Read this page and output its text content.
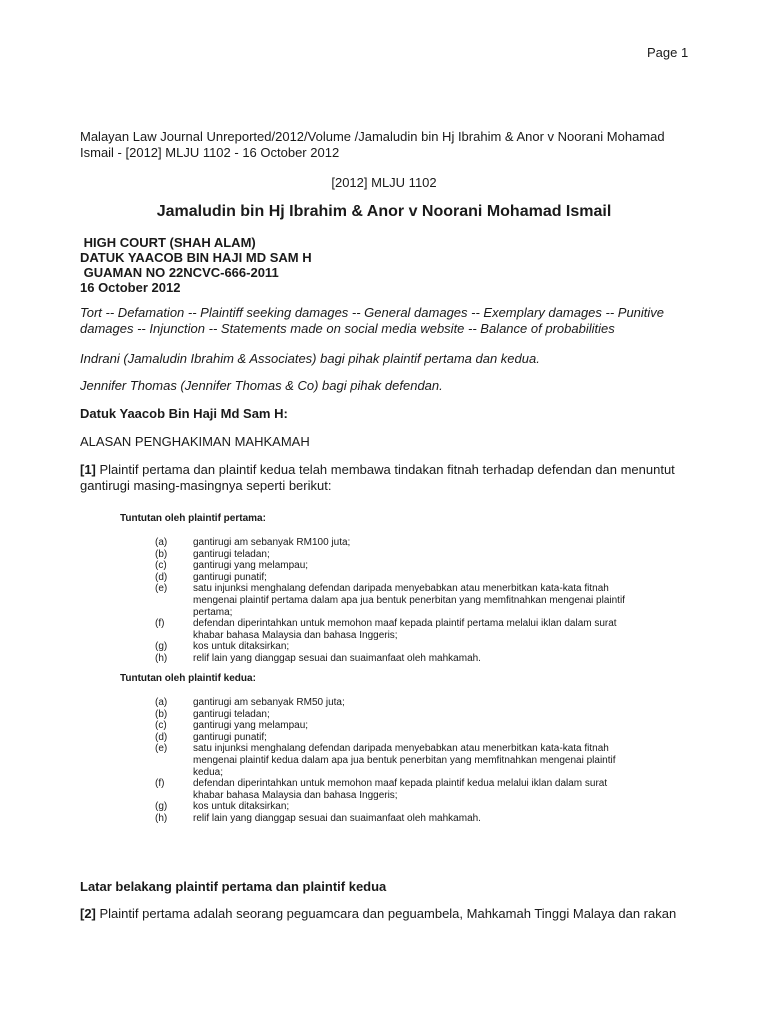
Page 1
Malayan Law Journal Unreported/2012/Volume /Jamaludin bin Hj Ibrahim & Anor v Noorani Mohamad Ismail - [2012] MLJU 1102 - 16 October 2012
[2012] MLJU 1102
Jamaludin bin Hj Ibrahim & Anor v Noorani Mohamad Ismail
HIGH COURT (SHAH ALAM)
DATUK YAACOB BIN HAJI MD SAM H
GUAMAN NO 22NCVC-666-2011
16 October 2012
Tort -- Defamation -- Plaintiff seeking damages -- General damages -- Exemplary damages -- Punitive damages -- Injunction -- Statements made on social media website -- Balance of probabilities
Indrani (Jamaludin Ibrahim & Associates) bagi pihak plaintif pertama dan kedua.
Jennifer Thomas (Jennifer Thomas & Co) bagi pihak defendan.
Datuk Yaacob Bin Haji Md Sam H:
ALASAN PENGHAKIMAN MAHKAMAH
[1] Plaintif pertama dan plaintif kedua telah membawa tindakan fitnah terhadap defendan dan menuntut gantirugi masing-masingnya seperti berikut:
Tuntutan oleh plaintif pertama:
(a)	gantirugi am sebanyak RM100 juta;
(b)	gantirugi teladan;
(c)	gantirugi yang melampau;
(d)	gantirugi punatif;
(e)	satu injunksi menghalang defendan daripada menyebabkan atau menerbitkan kata-kata fitnah mengenai plaintif pertama dalam apa jua bentuk penerbitan yang memfitnahkan mengenai plaintif pertama;
(f)	defendan diperintahkan untuk memohon maaf kepada plaintif pertama melalui iklan dalam surat khabar bahasa Malaysia dan bahasa Inggeris;
(g)	kos untuk ditaksirkan;
(h)	relif lain yang dianggap sesuai dan suaimanfaat oleh mahkamah.
Tuntutan oleh plaintif kedua:
(a)	gantirugi am sebanyak RM50 juta;
(b)	gantirugi teladan;
(c)	gantirugi yang melampau;
(d)	gantirugi punatif;
(e)	satu injunksi menghalang defendan daripada menyebabkan atau menerbitkan kata-kata fitnah mengenai plaintif kedua dalam apa jua bentuk penerbitan yang memfitnahkan mengenai plaintif kedua;
(f)	defendan diperintahkan untuk memohon maaf kepada plaintif kedua melalui iklan dalam surat khabar bahasa Malaysia dan bahasa Inggeris;
(g)	kos untuk ditaksirkan;
(h)	relif lain yang dianggap sesuai dan suaimanfaat oleh mahkamah.
Latar belakang plaintif pertama dan plaintif kedua
[2] Plaintif pertama adalah seorang peguamcara dan peguambela, Mahkamah Tinggi Malaya dan rakan
